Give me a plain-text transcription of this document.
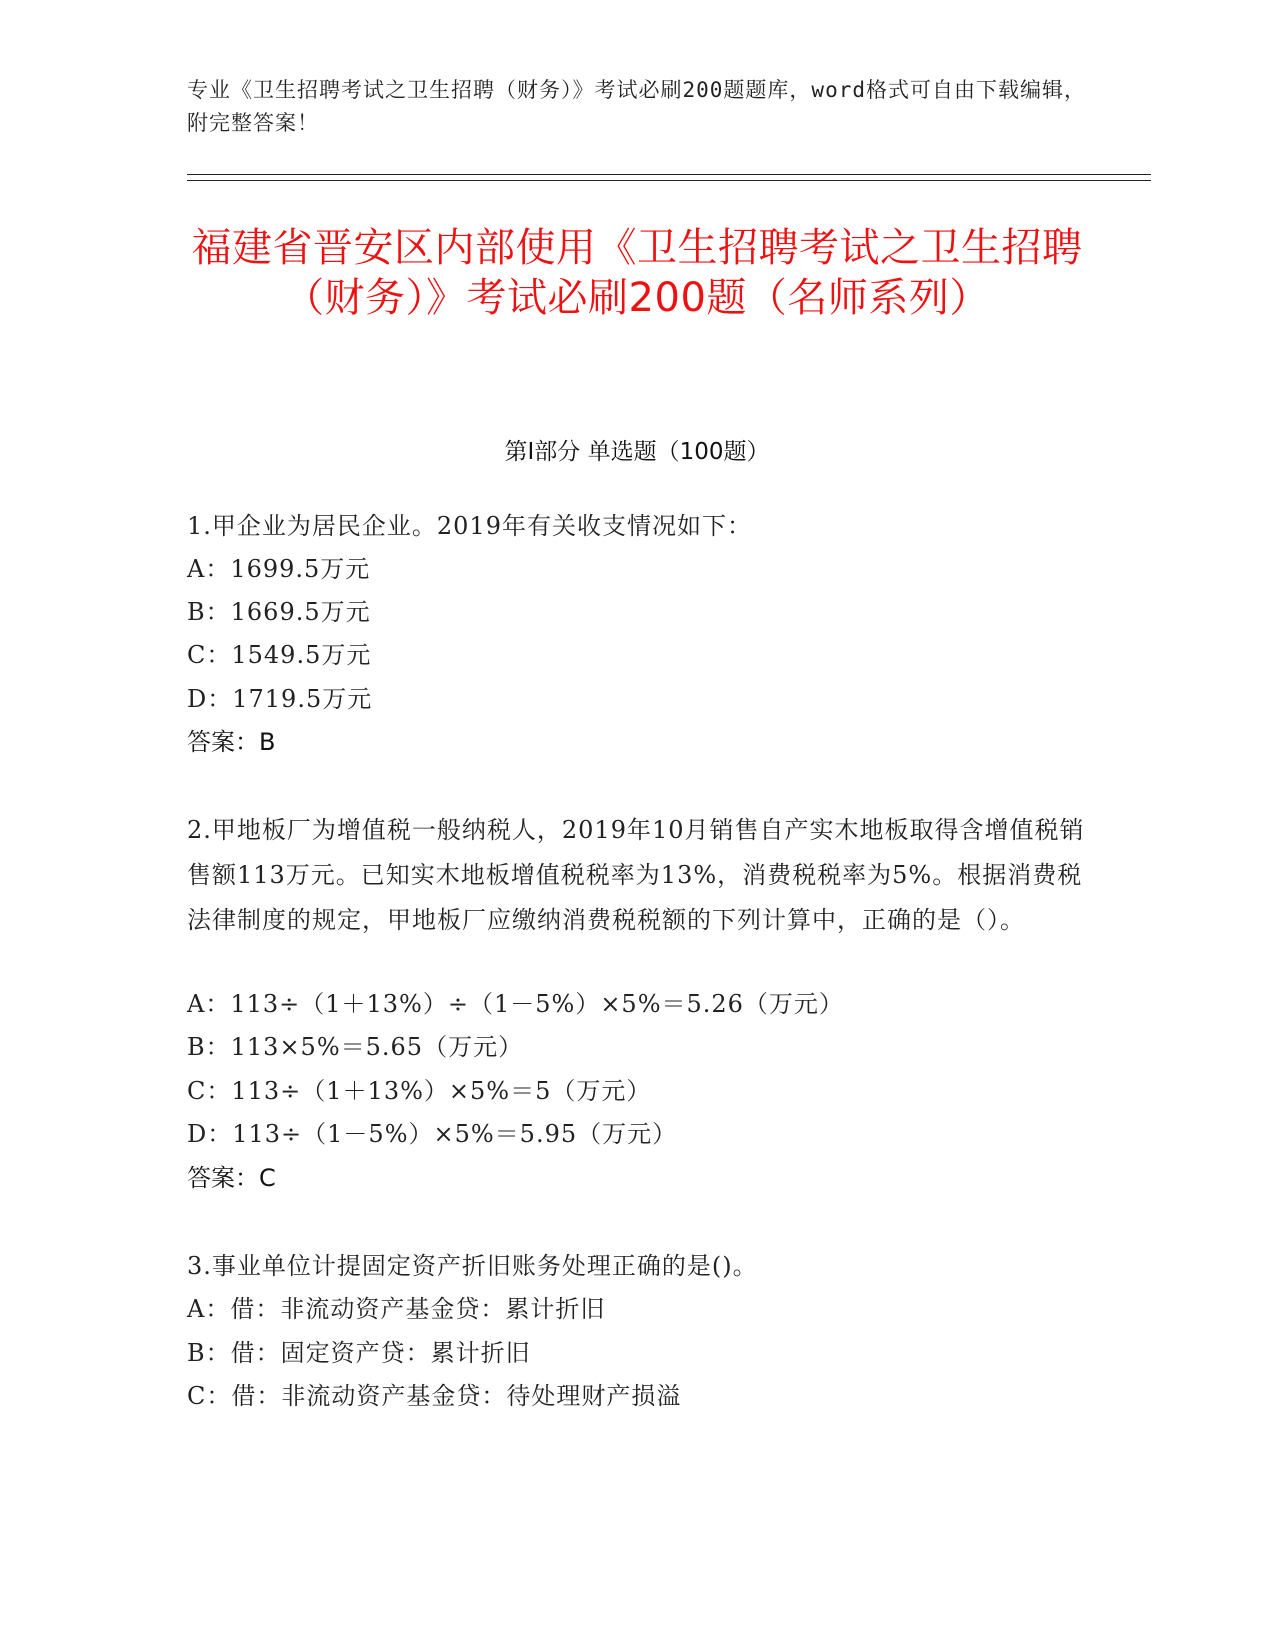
专业《卫生招聘考试之卫生招聘（财务）》考试必刷200题题库，word格式可自由下载编辑，附完整答案！
福建省晋安区内部使用《卫生招聘考试之卫生招聘（财务）》考试必刷200题（名师系列）
第Ⅰ部分 单选题（100题）
1.甲企业为居民企业。2019年有关收支情况如下：
A：1699.5万元
B：1669.5万元
C：1549.5万元
D：1719.5万元
答案：B
2.甲地板厂为增值税一般纳税人，2019年10月销售自产实木地板取得含增值税销售额113万元。已知实木地板增值税税率为13%，消费税税率为5%。根据消费税法律制度的规定，甲地板厂应缴纳消费税税额的下列计算中，正确的是（）。
A：113÷（1＋13%）÷（1－5%）×5%＝5.26（万元）
B：113×5%＝5.65（万元）
C：113÷（1＋13%）×5%＝5（万元）
D：113÷（1－5%）×5%＝5.95（万元）
答案：C
3.事业单位计提固定资产折旧账务处理正确的是()。
A：借：非流动资产基金贷：累计折旧
B：借：固定资产贷：累计折旧
C：借：非流动资产基金贷：待处理财产损溢
